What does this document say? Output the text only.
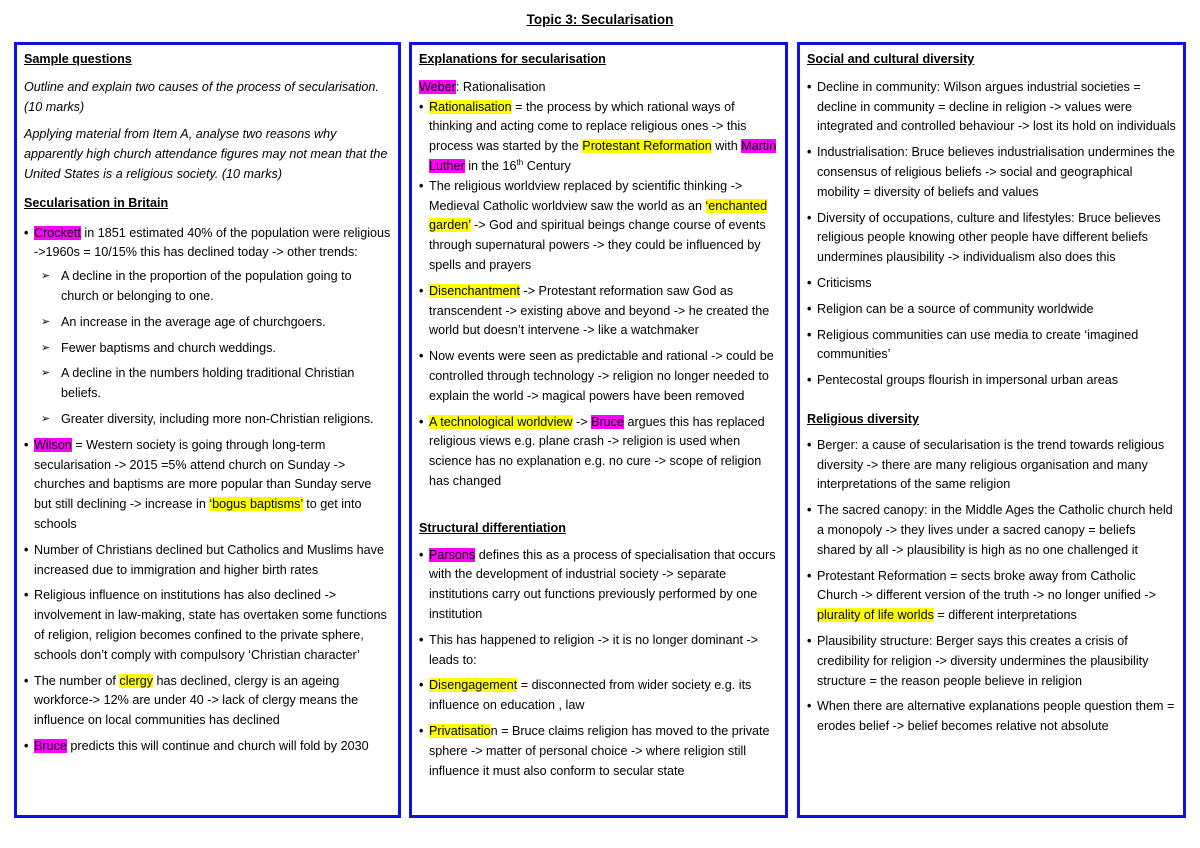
Topic 3: Secularisation

Sample questions

Outline and explain two causes of the process of secularisation. (10 marks)

Applying material from Item A, analyse two reasons why apparently high church attendance figures may not mean that the United States is a religious society. (10 marks)

Secularisation in Britain

• Crockett in 1851 estimated 40% of the population were religious ->1960s = 10/15% this has declined today -> other trends:
➢ A decline in the proportion of the population going to church or belonging to one.
➢ An increase in the average age of churchgoers.
➢ Fewer baptisms and church weddings.
➢ A decline in the numbers holding traditional Christian beliefs.
➢ Greater diversity, including more non-Christian religions.
• Wilson = Western society is going through long-term secularisation -> 2015 =5% attend church on Sunday -> churches and baptisms are more popular than Sunday serve but still declining -> increase in ‘bogus baptisms’ to get into schools
• Number of Christians declined but Catholics and Muslims have increased due to immigration and higher birth rates
• Religious influence on institutions has also declined -> involvement in law-making, state has overtaken some functions of religion, religion becomes confined to the private sphere, schools don’t comply with compulsory ‘Christian character’
• The number of clergy has declined, clergy is an ageing workforce-> 12% are under 40 -> lack of clergy means the influence on local communities has declined
• Bruce predicts this will continue and church will fold by 2030

Explanations for secularisation

Weber: Rationalisation

• Rationalisation = the process by which rational ways of thinking and acting come to replace religious ones -> this process was started by the Protestant Reformation with Martin Luther in the 16th Century
• The religious worldview replaced by scientific thinking -> Medieval Catholic worldview saw the world as an ‘enchanted garden’ -> God and spiritual beings change course of events through supernatural powers -> they could be influenced by spells and prayers
• Disenchantment -> Protestant reformation saw God as transcendent -> existing above and beyond -> he created the world but doesn’t intervene -> like a watchmaker
• Now events were seen as predictable and rational -> could be controlled through technology -> religion no longer needed to explain the world -> magical powers have been removed
• A technological worldview -> Bruce argues this has replaced religious views e.g. plane crash -> religion is used when science has no explanation e.g. no cure -> scope of religion has changed

Structural differentiation

• Parsons defines this as a process of specialisation that occurs with the development of industrial society -> separate institutions carry out functions previously performed by one institution
• This has happened to religion -> it is no longer dominant -> leads to:
• Disengagement = disconnected from wider society e.g. its influence on education , law
• Privatisation = Bruce claims religion has moved to the private sphere -> matter of personal choice -> where religion still influence it must also conform to secular state

Social and cultural diversity

• Decline in community: Wilson argues industrial societies = decline in community = decline in religion -> values were integrated and controlled behaviour -> lost its hold on individuals
• Industrialisation: Bruce believes industrialisation undermines the consensus of religious beliefs -> social and geographical mobility = diversity of beliefs and values
• Diversity of occupations, culture and lifestyles: Bruce believes religious people knowing other people have different beliefs undermines plausibility -> individualism also does this
• Criticisms
• Religion can be a source of community worldwide
• Religious communities can use media to create ‘imagined communities’
• Pentecostal groups flourish in impersonal urban areas

Religious diversity

• Berger: a cause of secularisation is the trend towards religious diversity -> there are many religious organisation and many interpretations of the same religion
• The sacred canopy: in the Middle Ages the Catholic church held a monopoly -> they lives under a sacred canopy = beliefs shared by all -> plausibility is high as no one challenged it
• Protestant Reformation = sects broke away from Catholic Church -> different version of the truth -> no longer unified -> plurality of life worlds = different interpretations
• Plausibility structure: Berger says this creates a crisis of credibility for religion -> diversity undermines the plausibility structure = the reason people believe in religion
• When there are alternative explanations people question them = erodes belief -> belief becomes relative not absolute
